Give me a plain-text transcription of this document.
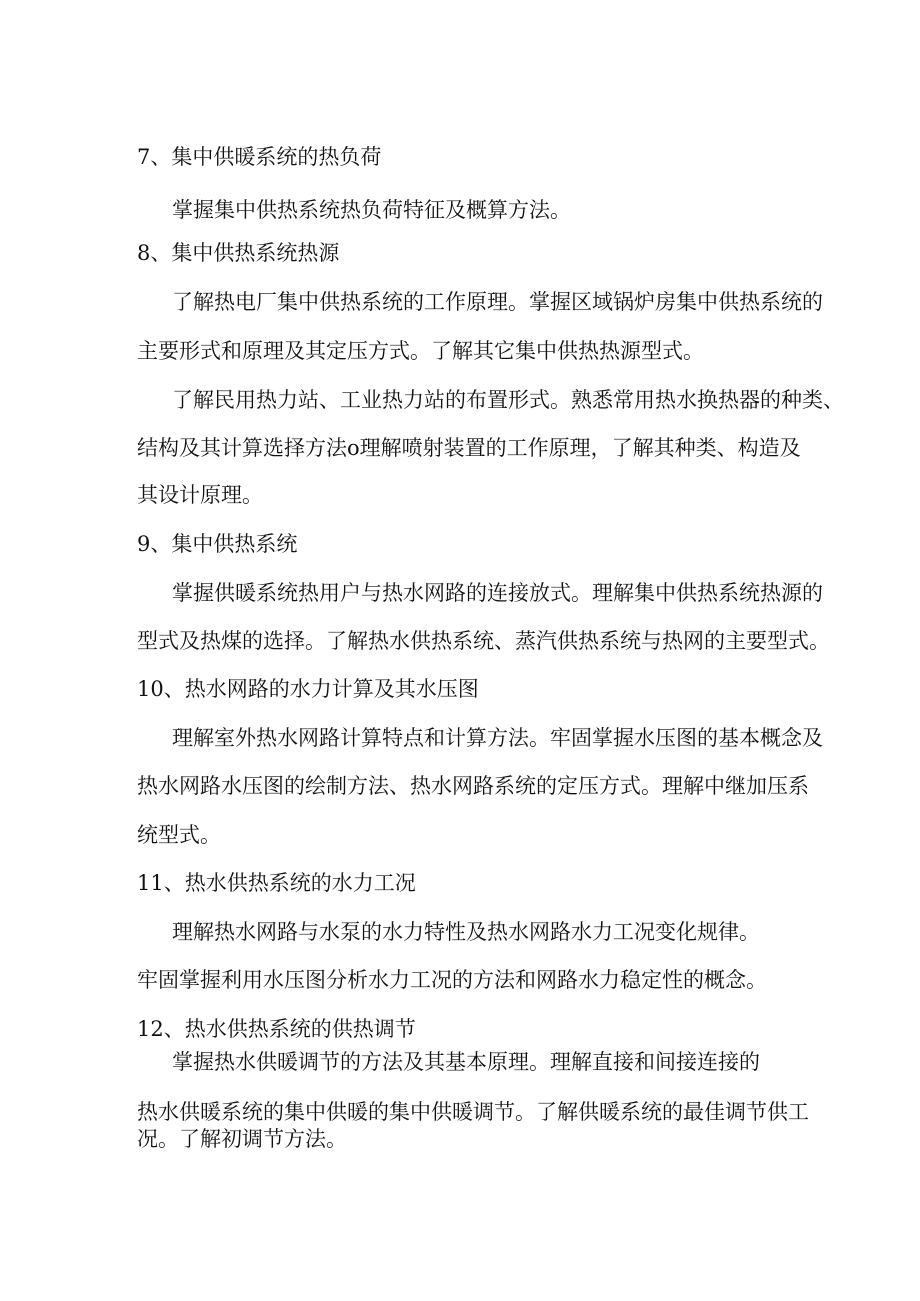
7、集中供暖系统的热负荷
掌握集中供热系统热负荷特征及概算方法。
8、集中供热系统热源
了解热电厂集中供热系统的工作原理。掌握区域锅炉房集中供热系统的
主要形式和原理及其定压方式。了解其它集中供热热源型式。
了解民用热力站、工业热力站的布置形式。熟悉常用热水换热器的种类、
结构及其计算选择方法o理解喷射装置的工作原理，了解其种类、构造及
其设计原理。
9、集中供热系统
掌握供暖系统热用户与热水网路的连接放式。理解集中供热系统热源的
型式及热煤的选择。了解热水供热系统、蒸汽供热系统与热网的主要型式。
10、热水网路的水力计算及其水压图
理解室外热水网路计算特点和计算方法。牢固掌握水压图的基本概念及
热水网路水压图的绘制方法、热水网路系统的定压方式。理解中继加压系
统型式。
11、热水供热系统的水力工况
理解热水网路与水泵的水力特性及热水网路水力工况变化规律。
牢固掌握利用水压图分析水力工况的方法和网路水力稳定性的概念。
12、热水供热系统的供热调节
掌握热水供暖调节的方法及其基本原理。理解直接和间接连接的
热水供暖系统的集中供暖的集中供暖调节。了解供暖系统的最佳调节供工
况。了解初调节方法。
